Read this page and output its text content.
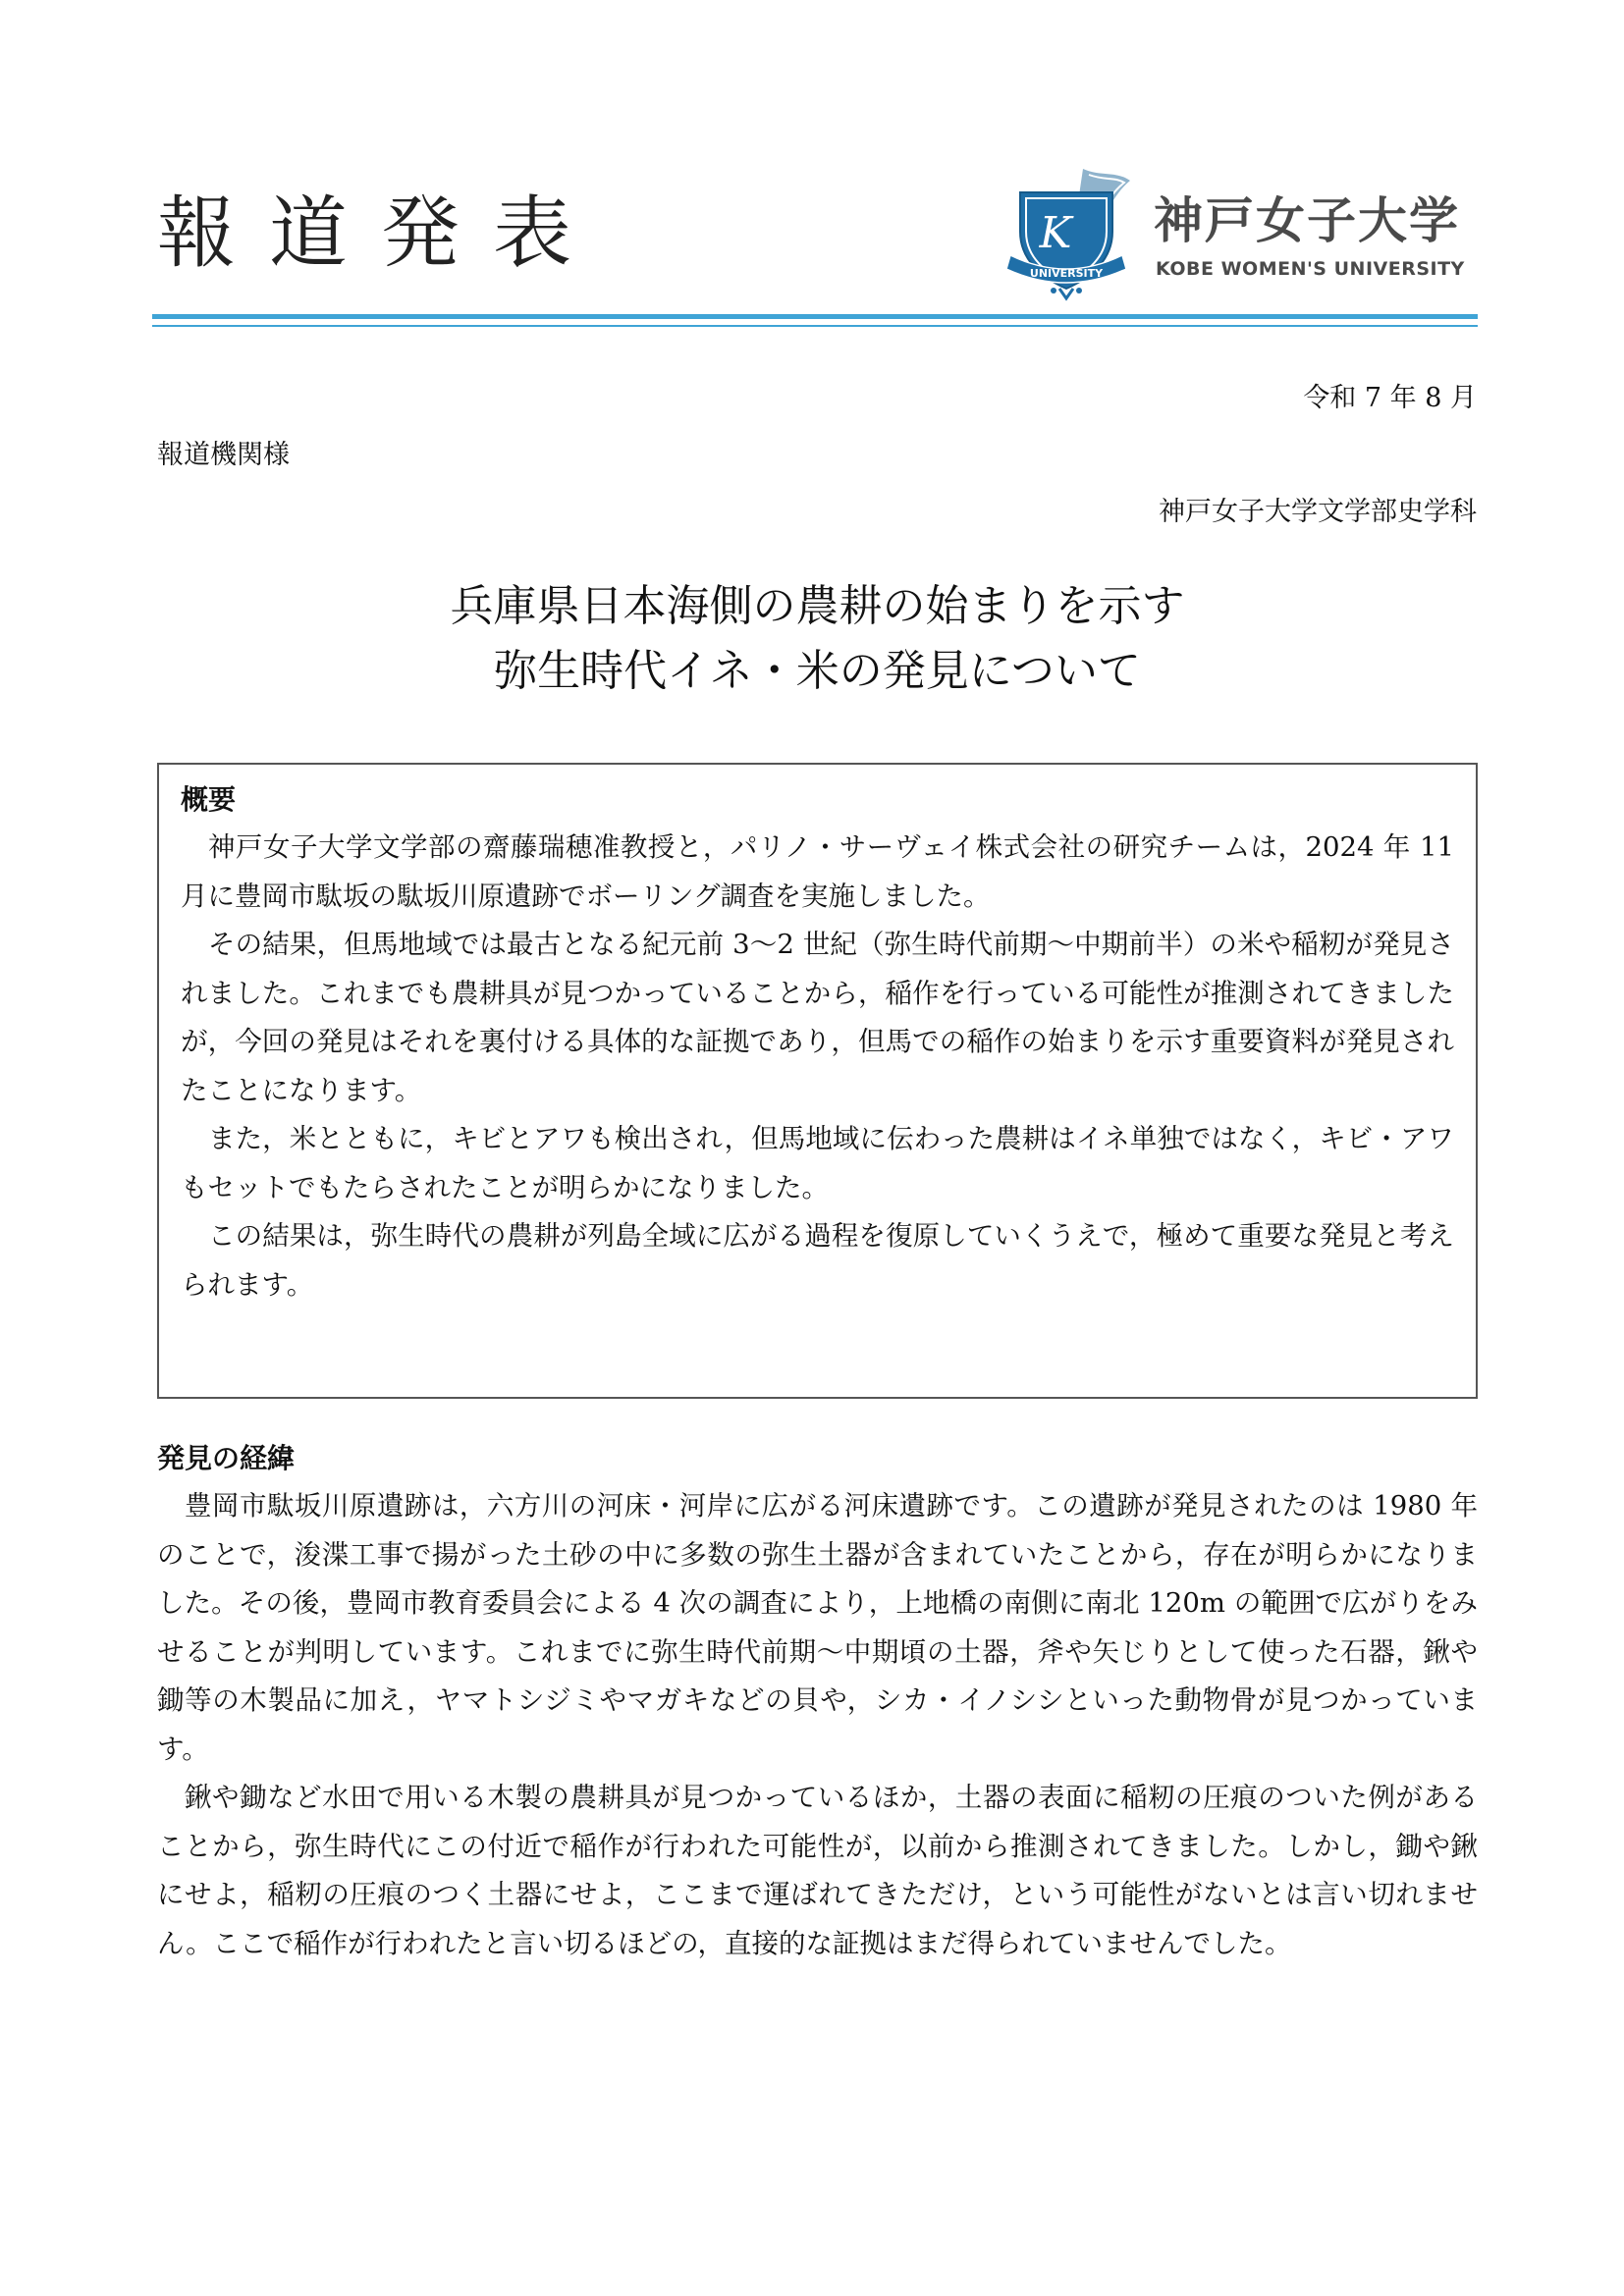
報道発表	K
UNIVERSITY
神戸女子大学
KOBE WOMEN'S UNIVERSITY
令和 7 年 8 月
報道機関様
神戸女子大学文学部史学科
兵庫県日本海側の農耕の始まりを示す
弥生時代イネ・米の発見について
概要

神戸女子大学文学部の齋藤瑞穂准教授と，パリノ・サーヴェイ株式会社の研究チームは，2024 年 11 月に豊岡市駄坂の駄坂川原遺跡でボーリング調査を実施しました。

その結果，但馬地域では最古となる紀元前 3～2 世紀（弥生時代前期～中期前半）の米や稲籾が発見されました。これまでも農耕具が見つかっていることから，稲作を行っている可能性が推測されてきましたが，今回の発見はそれを裏付ける具体的な証拠であり，但馬での稲作の始まりを示す重要資料が発見されたことになります。

また，米とともに，キビとアワも検出され，但馬地域に伝わった農耕はイネ単独ではなく，キビ・アワもセットでもたらされたことが明らかになりました。

この結果は，弥生時代の農耕が列島全域に広がる過程を復原していくうえで，極めて重要な発見と考えられます。

発見の経緯

豊岡市駄坂川原遺跡は，六方川の河床・河岸に広がる河床遺跡です。この遺跡が発見されたのは 1980 年のことで，浚渫工事で揚がった土砂の中に多数の弥生土器が含まれていたことから，存在が明らかになりました。その後，豊岡市教育委員会による 4 次の調査により，上地橋の南側に南北 120m の範囲で広がりをみせることが判明しています。これまでに弥生時代前期～中期頃の土器，斧や矢じりとして使った石器，鍬や鋤等の木製品に加え，ヤマトシジミやマガキなどの貝や，シカ・イノシシといった動物骨が見つかっています。

鍬や鋤など水田で用いる木製の農耕具が見つかっているほか，土器の表面に稲籾の圧痕のついた例があることから，弥生時代にこの付近で稲作が行われた可能性が，以前から推測されてきました。しかし，鋤や鍬にせよ，稲籾の圧痕のつく土器にせよ，ここまで運ばれてきただけ，という可能性がないとは言い切れません。ここで稲作が行われたと言い切るほどの，直接的な証拠はまだ得られていませんでした。
